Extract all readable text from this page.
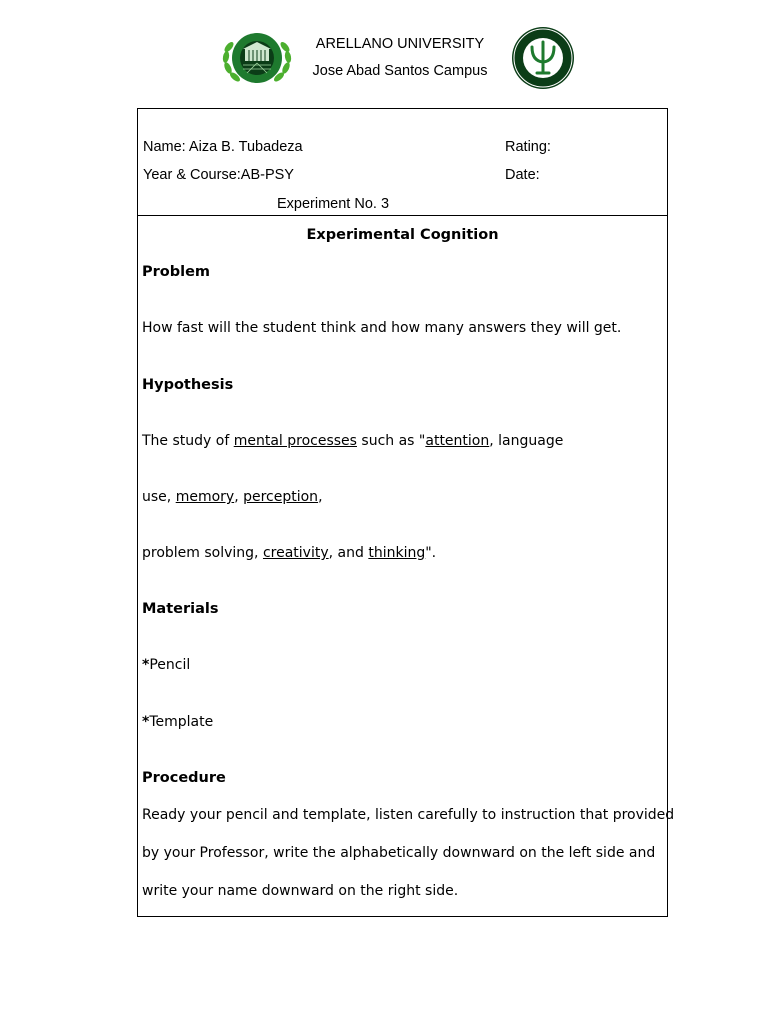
ARELLANO UNIVERSITY
Jose Abad Santos Campus
Name: Aiza B. Tubadeza	Rating:
Year & Course:AB-PSY	Date:
Experiment No. 3
Experimental Cognition
Problem
How fast will the student think and how many answers they will get.
Hypothesis
The study of mental processes such as "attention, language
use, memory, perception,
problem solving, creativity, and thinking".
Materials
*Pencil
*Template
Procedure
Ready your pencil and template, listen carefully to instruction that provided
by your Professor, write the alphabetically downward on the left side and
write your name downward on the right side.
